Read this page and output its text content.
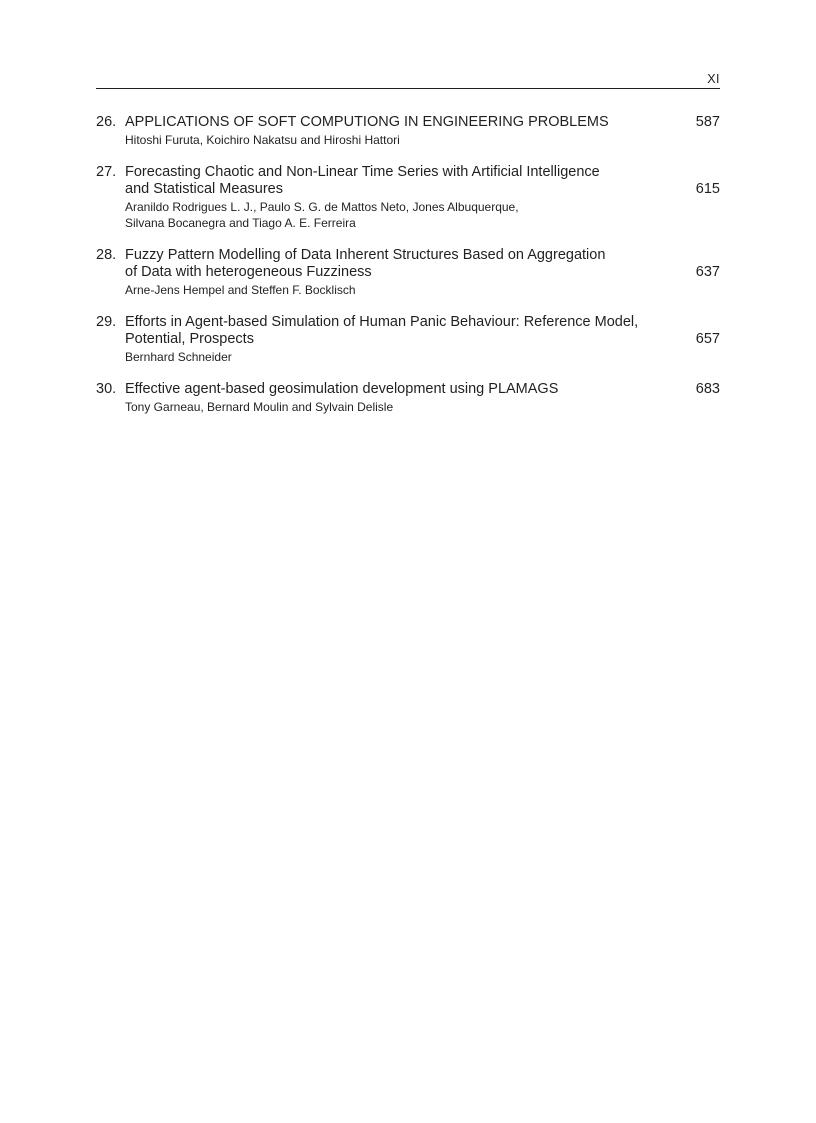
XI
26. APPLICATIONS OF SOFT COMPUTIONG IN ENGINEERING PROBLEMS
Hitoshi Furuta, Koichiro Nakatsu and Hiroshi Hattori
587
27. Forecasting Chaotic and Non-Linear Time Series with Artificial Intelligence
and Statistical Measures
Aranildo Rodrigues L. J., Paulo S. G. de Mattos Neto, Jones Albuquerque,
Silvana Bocanegra and Tiago A. E. Ferreira
615
28. Fuzzy Pattern Modelling of Data Inherent Structures Based on Aggregation
of Data with heterogeneous Fuzziness
Arne-Jens Hempel and Steffen F. Bocklisch
637
29. Efforts in Agent-based Simulation of Human Panic Behaviour: Reference Model,
Potential, Prospects
Bernhard Schneider
657
30. Effective agent-based geosimulation development using PLAMAGS
Tony Garneau, Bernard Moulin and Sylvain Delisle
683
